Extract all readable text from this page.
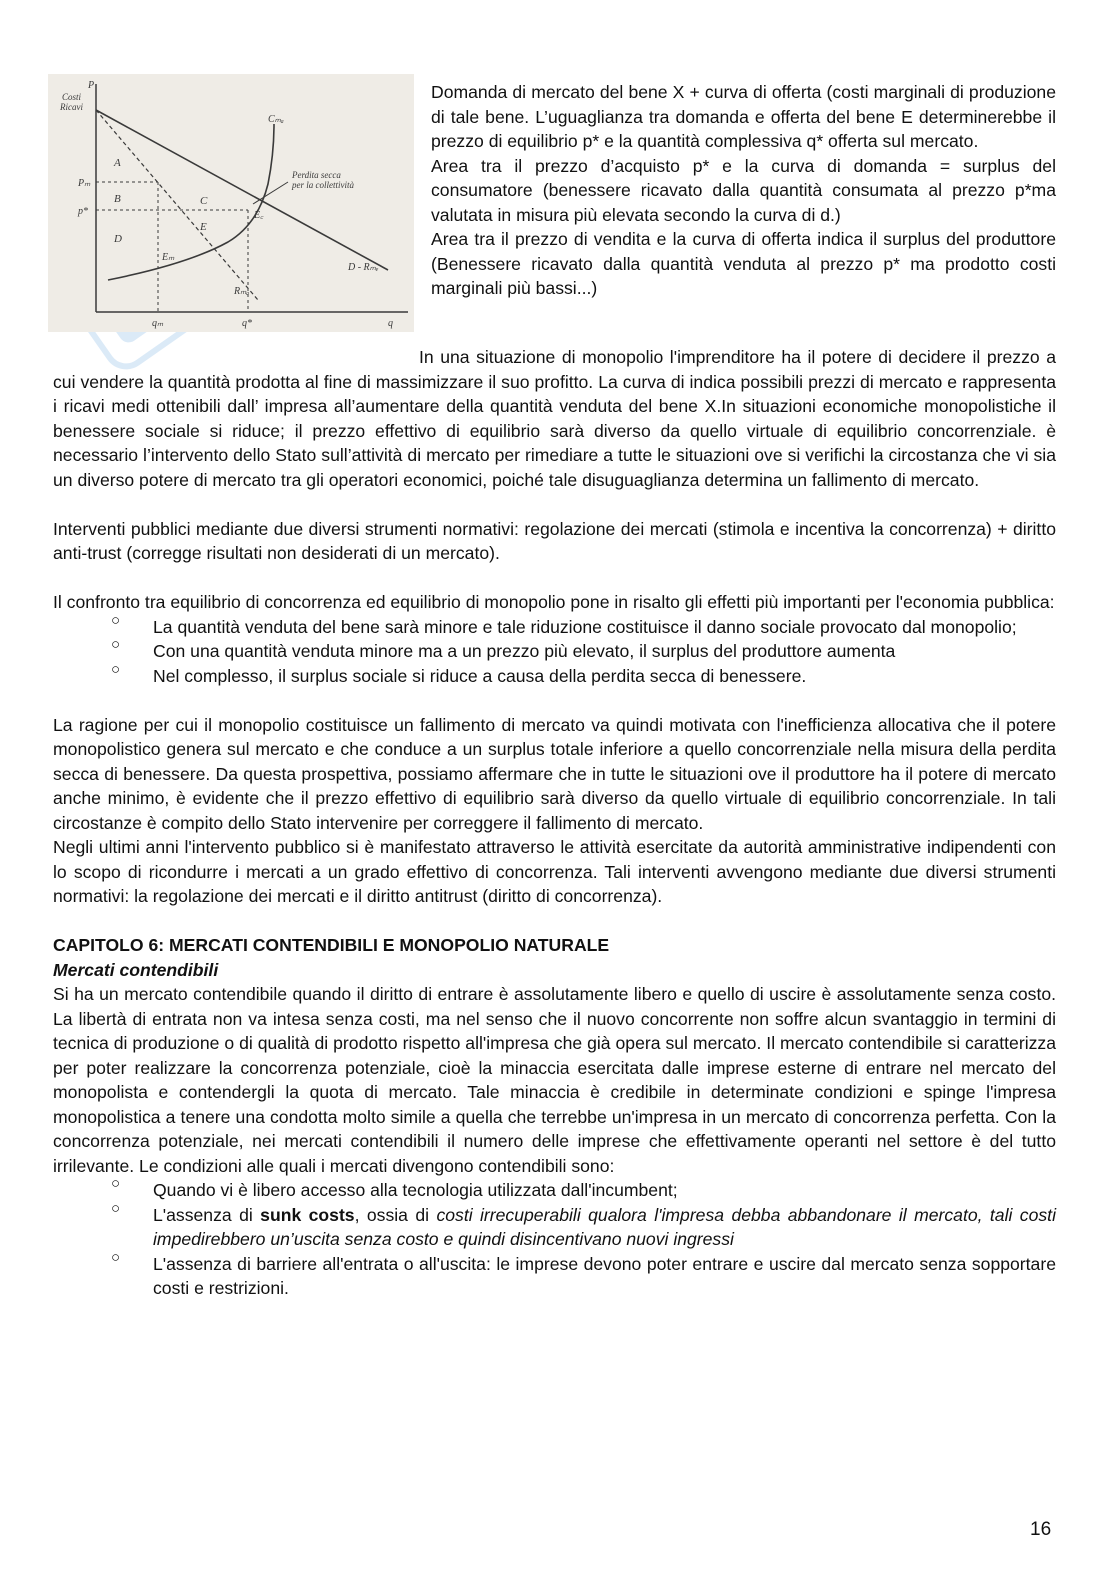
P
Costi
Ricavi
A
B	C
D
E
Pₘ
p*
Perdita secca
per la collettività
Cₘₐ
D - Rₘₑ
Rₘₐ
E꜀
Eₘ
qₘ	q*	q

Domanda di mercato del bene X + curva di offerta (costi marginali di produzione di tale bene. L’uguaglianza tra domanda e offerta del bene E determinerebbe il prezzo di equilibrio p* e la quantità complessiva q* offerta sul mercato.

Area tra il prezzo d’acquisto p* e la curva di domanda = surplus del consumatore (benessere ricavato dalla quantità consumata al prezzo p*ma valutata in misura più elevata secondo la curva di d.)

Area tra il prezzo di vendita e la curva di offerta indica il surplus del produttore (Benessere ricavato dalla quantità venduta al prezzo p* ma prodotto costi marginali più bassi...)

In una situazione di monopolio l'imprenditore ha il potere di decidere il prezzo a cui vendere la quantità prodotta al fine di massimizzare il suo profitto. La curva di indica possibili prezzi di mercato e rappresenta i ricavi medi ottenibili dall’ impresa all’aumentare della quantità venduta del bene X.In situazioni economiche monopolistiche il benessere sociale si riduce; il prezzo effettivo di equilibrio sarà diverso da quello virtuale di equilibrio concorrenziale. è necessario l’intervento dello Stato sull’attività di mercato per rimediare a tutte le situazioni ove si verifichi la circostanza che vi sia un diverso potere di mercato tra gli operatori economici, poiché tale disuguaglianza determina un fallimento di mercato.

Interventi pubblici mediante due diversi strumenti normativi: regolazione dei mercati (stimola e incentiva la concorrenza) + diritto anti-trust (corregge risultati non desiderati di un mercato).

Il confronto tra equilibrio di concorrenza ed equilibrio di monopolio pone in risalto gli effetti più importanti per l'economia pubblica:

○ La quantità venduta del bene sarà minore e tale riduzione costituisce il danno sociale provocato dal monopolio;
○ Con una quantità venduta minore ma a un prezzo più elevato, il surplus del produttore aumenta
○ Nel complesso, il surplus sociale si riduce a causa della perdita secca di benessere.

La ragione per cui il monopolio costituisce un fallimento di mercato va quindi motivata con l'inefficienza allocativa che il potere monopolistico genera sul mercato e che conduce a un surplus totale inferiore a quello concorrenziale nella misura della perdita secca di benessere. Da questa prospettiva, possiamo affermare che in tutte le situazioni ove il produttore ha il potere di mercato anche minimo, è evidente che il prezzo effettivo di equilibrio sarà diverso da quello virtuale di equilibrio concorrenziale. In tali circostanze è compito dello Stato intervenire per correggere il fallimento di mercato.

Negli ultimi anni l'intervento pubblico si è manifestato attraverso le attività esercitate da autorità amministrative indipendenti con lo scopo di ricondurre i mercati a un grado effettivo di concorrenza. Tali interventi avvengono mediante due diversi strumenti normativi: la regolazione dei mercati e il diritto antitrust (diritto di concorrenza).

CAPITOLO 6: MERCATI CONTENDIBILI E MONOPOLIO NATURALE
Mercati contendibili

Si ha un mercato contendibile quando il diritto di entrare è assolutamente libero e quello di uscire è assolutamente senza costo. La libertà di entrata non va intesa senza costi, ma nel senso che il nuovo concorrente non soffre alcun svantaggio in termini di tecnica di produzione o di qualità di prodotto rispetto all'impresa che già opera sul mercato. Il mercato contendibile si caratterizza per poter realizzare la concorrenza potenziale, cioè la minaccia esercitata dalle imprese esterne di entrare nel mercato del monopolista e contendergli la quota di mercato. Tale minaccia è credibile in determinate condizioni e spinge l'impresa monopolistica a tenere una condotta molto simile a quella che terrebbe un'impresa in un mercato di concorrenza perfetta. Con la concorrenza potenziale, nei mercati contendibili il numero delle imprese che effettivamente operanti nel settore è del tutto irrilevante. Le condizioni alle quali i mercati divengono contendibili sono:

○ Quando vi è libero accesso alla tecnologia utilizzata dall'incumbent;
○ L'assenza di sunk costs, ossia di costi irrecuperabili qualora l'impresa debba abbandonare il mercato, tali costi impedirebbero un’uscita senza costo e quindi disincentivano nuovi ingressi
○ L'assenza di barriere all'entrata o all'uscita: le imprese devono poter entrare e uscire dal mercato senza sopportare costi e restrizioni.
16
